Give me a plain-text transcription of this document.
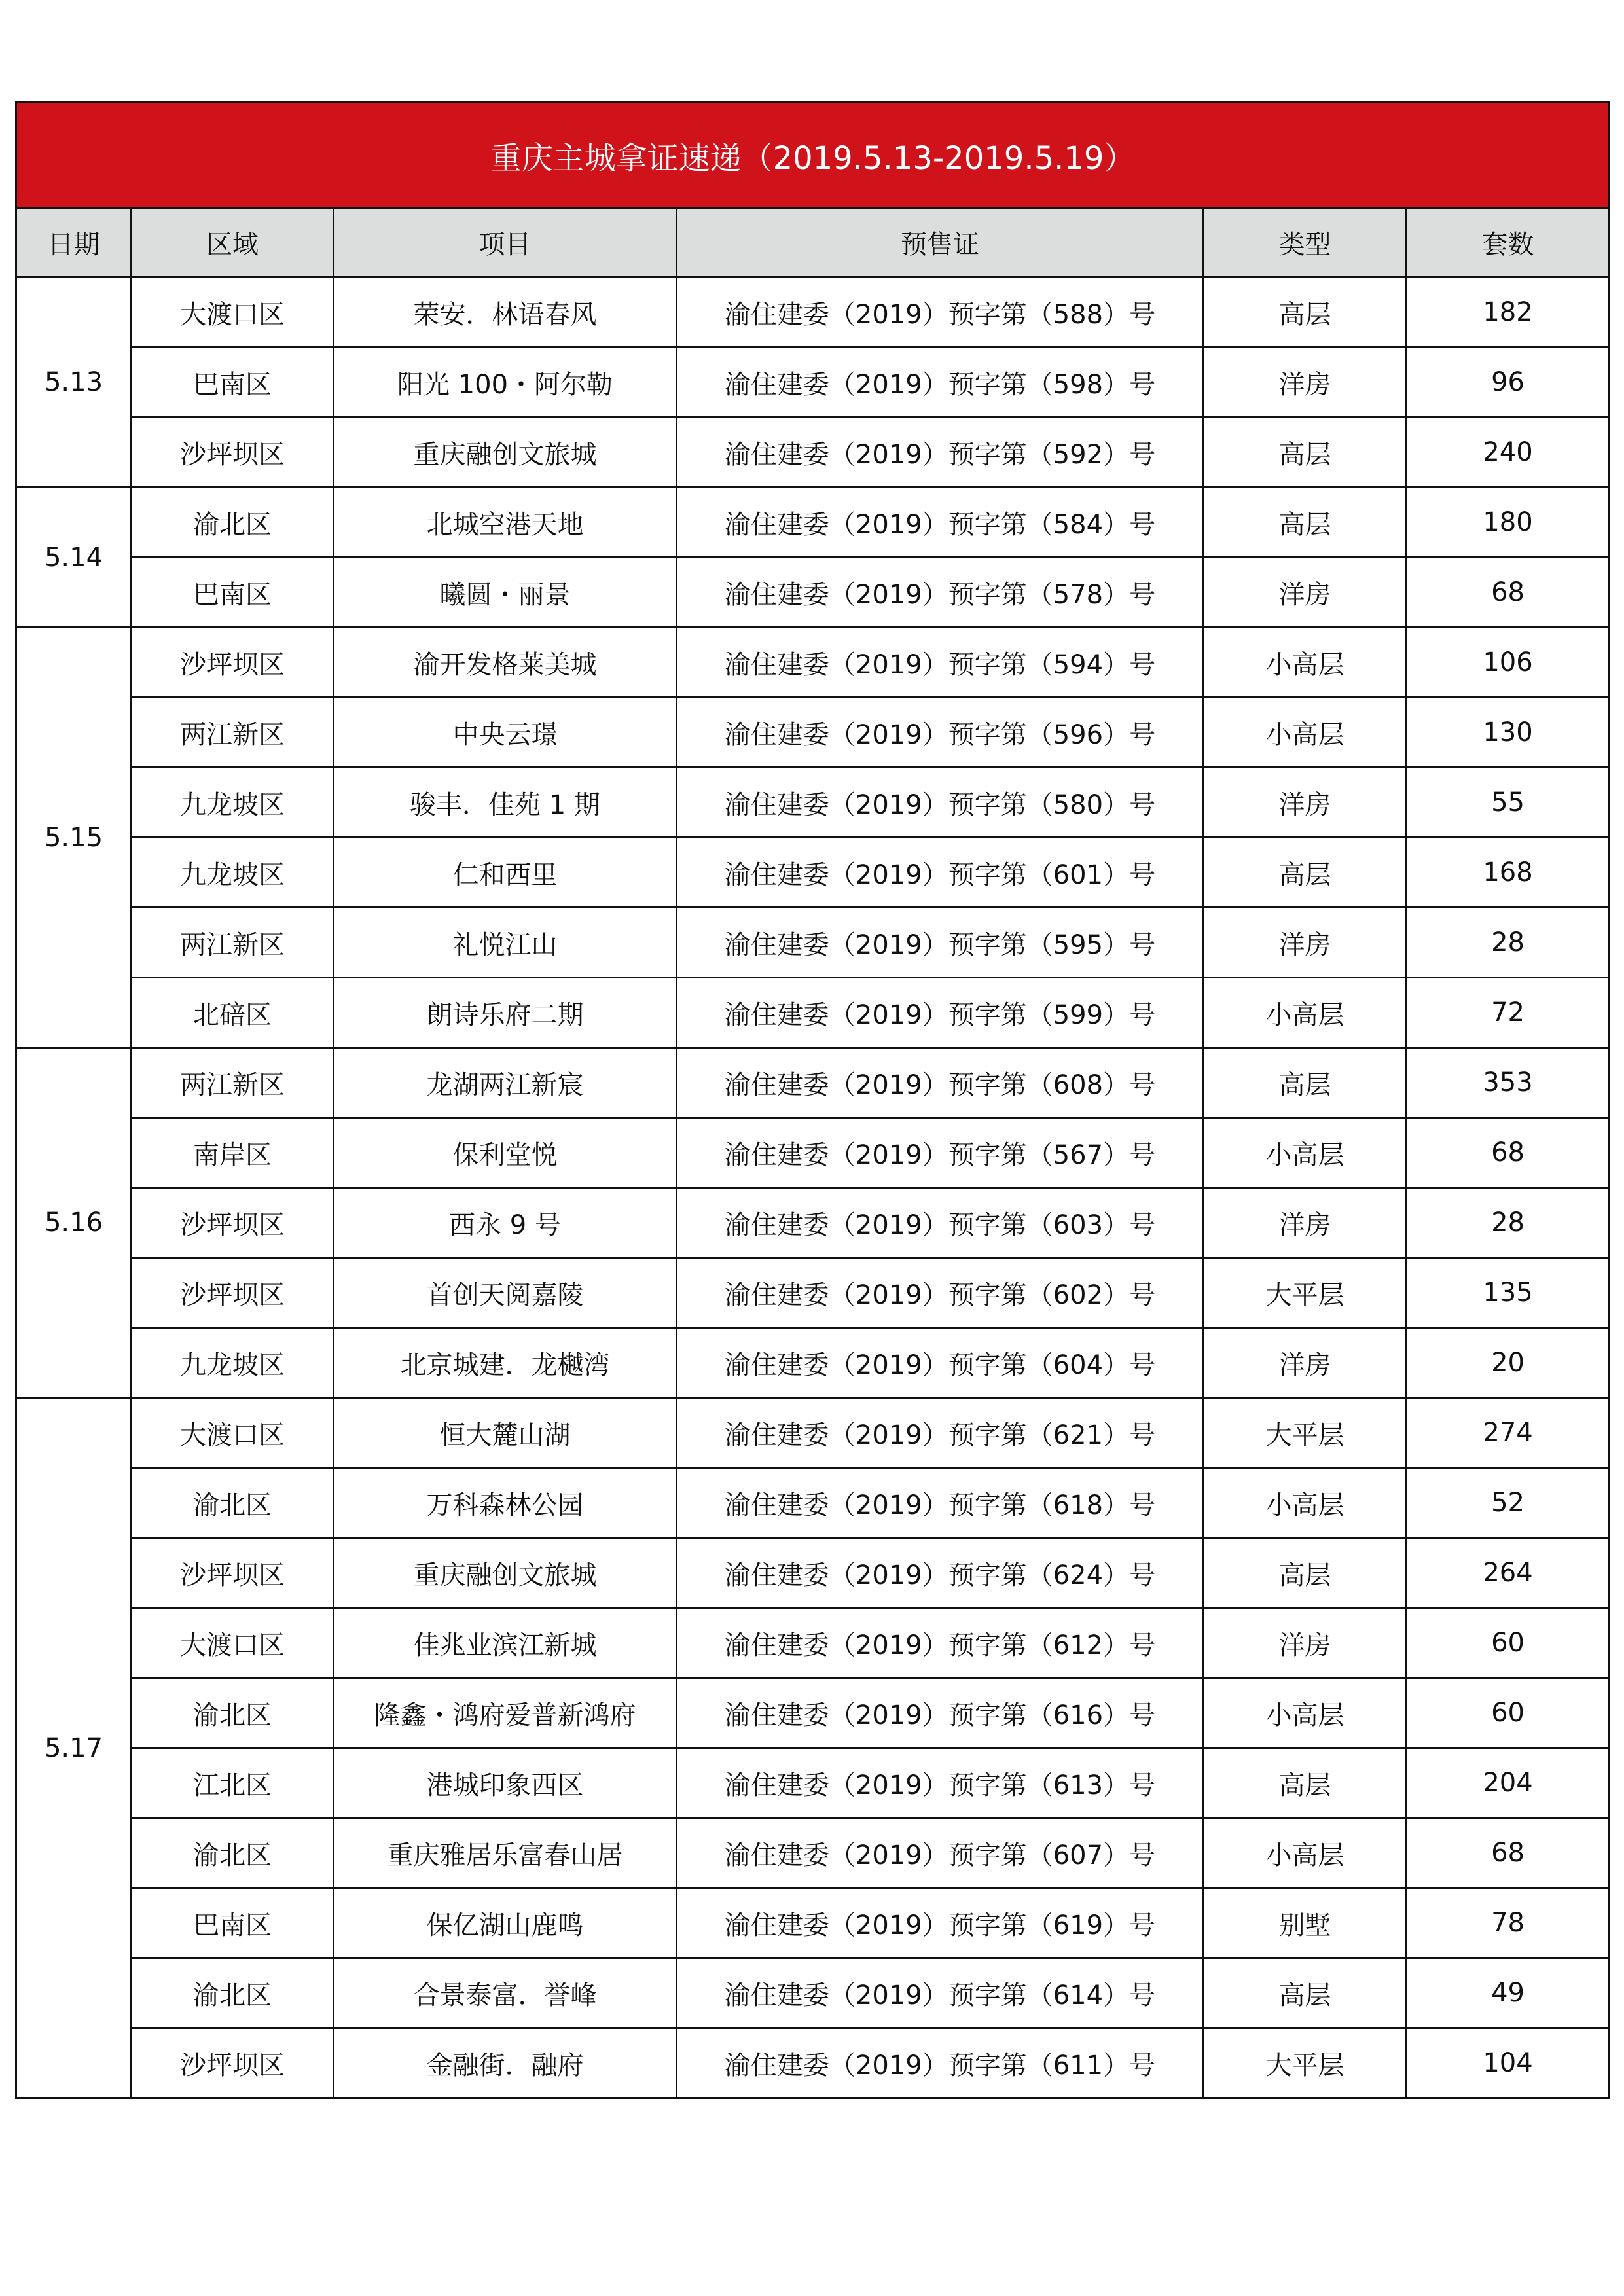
重庆主城拿证速递（2019.5.13-2019.5.19）					
日期	区域	项目	预售证	类型	套数
5.13	大渡口区	荣安．林语春风	渝住建委（2019）预字第（588）号	高层	182
	巴南区	阳光 100・阿尔勒	渝住建委（2019）预字第（598）号	洋房	96
	沙坪坝区	重庆融创文旅城	渝住建委（2019）预字第（592）号	高层	240
5.14	渝北区	北城空港天地	渝住建委（2019）预字第（584）号	高层	180
	巴南区	曦圆・丽景	渝住建委（2019）预字第（578）号	洋房	68
5.15	沙坪坝区	渝开发格莱美城	渝住建委（2019）预字第（594）号	小高层	106
	两江新区	中央云璟	渝住建委（2019）预字第（596）号	小高层	130
	九龙坡区	骏丰．佳苑 1 期	渝住建委（2019）预字第（580）号	洋房	55
	九龙坡区	仁和西里	渝住建委（2019）预字第（601）号	高层	168
	两江新区	礼悦江山	渝住建委（2019）预字第（595）号	洋房	28
	北碚区	朗诗乐府二期	渝住建委（2019）预字第（599）号	小高层	72
5.16	两江新区	龙湖两江新宸	渝住建委（2019）预字第（608）号	高层	353
	南岸区	保利堂悦	渝住建委（2019）预字第（567）号	小高层	68
	沙坪坝区	西永 9 号	渝住建委（2019）预字第（603）号	洋房	28
	沙坪坝区	首创天阅嘉陵	渝住建委（2019）预字第（602）号	大平层	135
	九龙坡区	北京城建．龙樾湾	渝住建委（2019）预字第（604）号	洋房	20
5.17	大渡口区	恒大麓山湖	渝住建委（2019）预字第（621）号	大平层	274
	渝北区	万科森林公园	渝住建委（2019）预字第（618）号	小高层	52
	沙坪坝区	重庆融创文旅城	渝住建委（2019）预字第（624）号	高层	264
	大渡口区	佳兆业滨江新城	渝住建委（2019）预字第（612）号	洋房	60
	渝北区	隆鑫・鸿府爱普新鸿府	渝住建委（2019）预字第（616）号	小高层	60
	江北区	港城印象西区	渝住建委（2019）预字第（613）号	高层	204
	渝北区	重庆雅居乐富春山居	渝住建委（2019）预字第（607）号	小高层	68
	巴南区	保亿湖山鹿鸣	渝住建委（2019）预字第（619）号	别墅	78
	渝北区	合景泰富．誉峰	渝住建委（2019）预字第（614）号	高层	49
	沙坪坝区	金融街．融府	渝住建委（2019）预字第（611）号	大平层	104
